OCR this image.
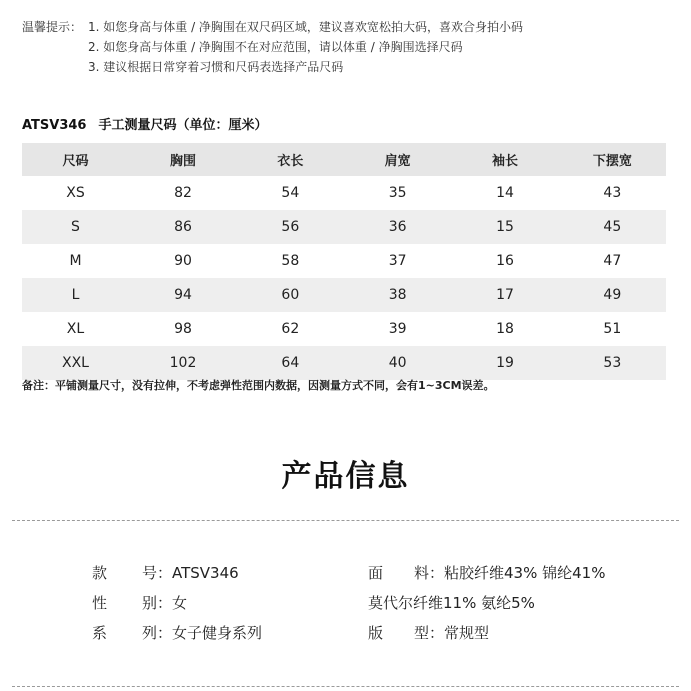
温馨提示： 1. 如您身高与体重 / 净胸围在双尺码区域，建议喜欢宽松拍大码，喜欢合身拍小码
2. 如您身高与体重 / 净胸围不在对应范围，请以体重 / 净胸围选择尺码
3. 建议根据日常穿着习惯和尺码表选择产品尺码
ATSV346 手工测量尺码（单位：厘米）
尺码	胸围	衣长	肩宽	袖长	下摆宽
XS	82	54	35	14	43
S	86	56	36	15	45
M	90	58	37	16	47
L	94	60	38	17	49
XL	98	62	39	18	51
XXL	102	64	40	19	53
备注：平铺测量尺寸，没有拉伸，不考虑弹性范围内数据，因测量方式不同，会有1~3CM误差。
产品信息
款 号：ATSV346
性 别：女
系 列：女子健身系列
面 料：粘胶纤维43% 锦纶41%
莫代尔纤维11% 氨纶5%
版 型：常规型
